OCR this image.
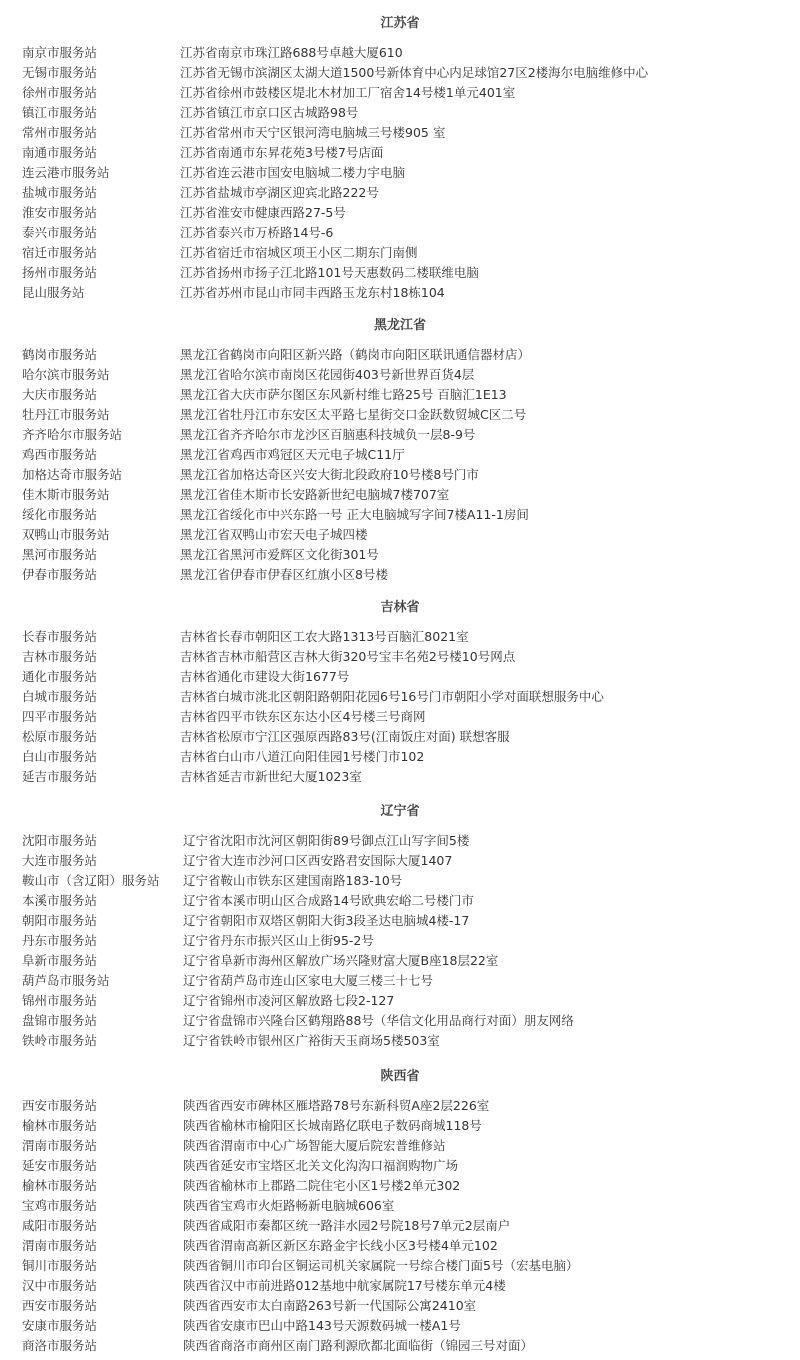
江苏省
南京市服务站	江苏省南京市珠江路688号卓越大厦610
无锡市服务站	江苏省无锡市滨湖区太湖大道1500号新体育中心内足球馆27区2楼海尔电脑维修中心
徐州市服务站	江苏省徐州市鼓楼区堤北木材加工厂宿舍14号楼1单元401室
镇江市服务站	江苏省镇江市京口区古城路98号
常州市服务站	江苏省常州市天宁区银河湾电脑城三号楼905 室
南通市服务站	江苏省南通市东昇花苑3号楼7号店面
连云港市服务站	江苏省连云港市国安电脑城二楼力宇电脑
盐城市服务站	江苏省盐城市亭湖区迎宾北路222号
淮安市服务站	江苏省淮安市健康西路27-5号
泰兴市服务站	江苏省泰兴市万桥路14号-6
宿迁市服务站	江苏省宿迁市宿城区项王小区二期东门南侧
扬州市服务站	江苏省扬州市扬子江北路101号天惠数码二楼联维电脑
昆山服务站	江苏省苏州市昆山市同丰西路玉龙东村18栋104
黑龙江省
鹤岗市服务站	黑龙江省鹤岗市向阳区新兴路（鹤岗市向阳区联讯通信器材店）
哈尔滨市服务站	黑龙江省哈尔滨市南岗区花园街403号新世界百货4层
大庆市服务站	黑龙江省大庆市萨尔图区东风新村维七路25号 百脑汇1E13
牡丹江市服务站	黑龙江省牡丹江市东安区太平路七星街交口金跃数贸城C区二号
齐齐哈尔市服务站	黑龙江省齐齐哈尔市龙沙区百脑惠科技城负一层8-9号
鸡西市服务站	黑龙江省鸡西市鸡冠区天元电子城C11厅
加格达奇市服务站	黑龙江省加格达奇区兴安大街北段政府10号楼8号门市
佳木斯市服务站	黑龙江省佳木斯市长安路新世纪电脑城7楼707室
绥化市服务站	黑龙江省绥化市中兴东路一号 正大电脑城写字间7楼A11-1房间
双鸭山市服务站	黑龙江省双鸭山市宏天电子城四楼
黑河市服务站	黑龙江省黑河市爱辉区文化街301号
伊春市服务站	黑龙江省伊春市伊春区红旗小区8号楼
吉林省
长春市服务站	吉林省长春市朝阳区工农大路1313号百脑汇8021室
吉林市服务站	吉林省吉林市船营区吉林大街320号宝丰名苑2号楼10号网点
通化市服务站	吉林省通化市建设大街1677号
白城市服务站	吉林省白城市洮北区朝阳路朝阳花园6号16号门市朝阳小学对面联想服务中心
四平市服务站	吉林省四平市铁东区东达小区4号楼三号商网
松原市服务站	吉林省松原市宁江区强原西路83号(江南饭庄对面) 联想客服
白山市服务站	吉林省白山市八道江向阳佳园1号楼门市102
延吉市服务站	吉林省延吉市新世纪大厦1023室
辽宁省
沈阳市服务站	辽宁省沈阳市沈河区朝阳街89号御点江山写字间5楼
大连市服务站	辽宁省大连市沙河口区西安路君安国际大厦1407
鞍山市（含辽阳）服务站 辽宁省鞍山市铁东区建国南路183-10号
本溪市服务站	辽宁省本溪市明山区合成路14号欧典宏峪二号楼门市
朝阳市服务站	辽宁省朝阳市双塔区朝阳大街3段圣达电脑城4楼-17
丹东市服务站	辽宁省丹东市振兴区山上街95-2号
阜新市服务站	辽宁省阜新市海州区解放广场兴隆财富大厦B座18层22室
葫芦岛市服务站	辽宁省葫芦岛市连山区家电大厦三楼三十七号
锦州市服务站	辽宁省锦州市凌河区解放路七段2-127
盘锦市服务站	辽宁省盘锦市兴隆台区鹤翔路88号（华信文化用品商行对面）朋友网络
铁岭市服务站	辽宁省铁岭市银州区广裕街天玉商场5楼503室
陕西省
西安市服务站	陕西省西安市碑林区雁塔路78号东新科贸A座2层226室
榆林市服务站	陕西省榆林市榆阳区长城南路亿联电子数码商城118号
渭南市服务站	陕西省渭南市中心广场智能大厦后院宏普维修站
延安市服务站	陕西省延安市宝塔区北关文化沟沟口福润购物广场
榆林市服务站	陕西省榆林市上郡路二院住宅小区1号楼2单元302
宝鸡市服务站	陕西省宝鸡市火炬路畅新电脑城606室
咸阳市服务站	陕西省咸阳市秦都区统一路沣水园2号院18号7单元2层南户
渭南市服务站	陕西省渭南高新区新区东路金宇长线小区3号楼4单元102
铜川市服务站	陕西省铜川市印台区铜运司机关家属院一号综合楼门面5号（宏基电脑）
汉中市服务站	陕西省汉中市前进路012基地中航家属院17号楼东单元4楼
西安市服务站	陕西省西安市太白南路263号新一代国际公寓2410室
安康市服务站	陕西省安康市巴山中路143号天源数码城一楼A1号
商洛市服务站	陕西省商洛市商州区南门路利源欣都北面临街（锦园三号对面）
